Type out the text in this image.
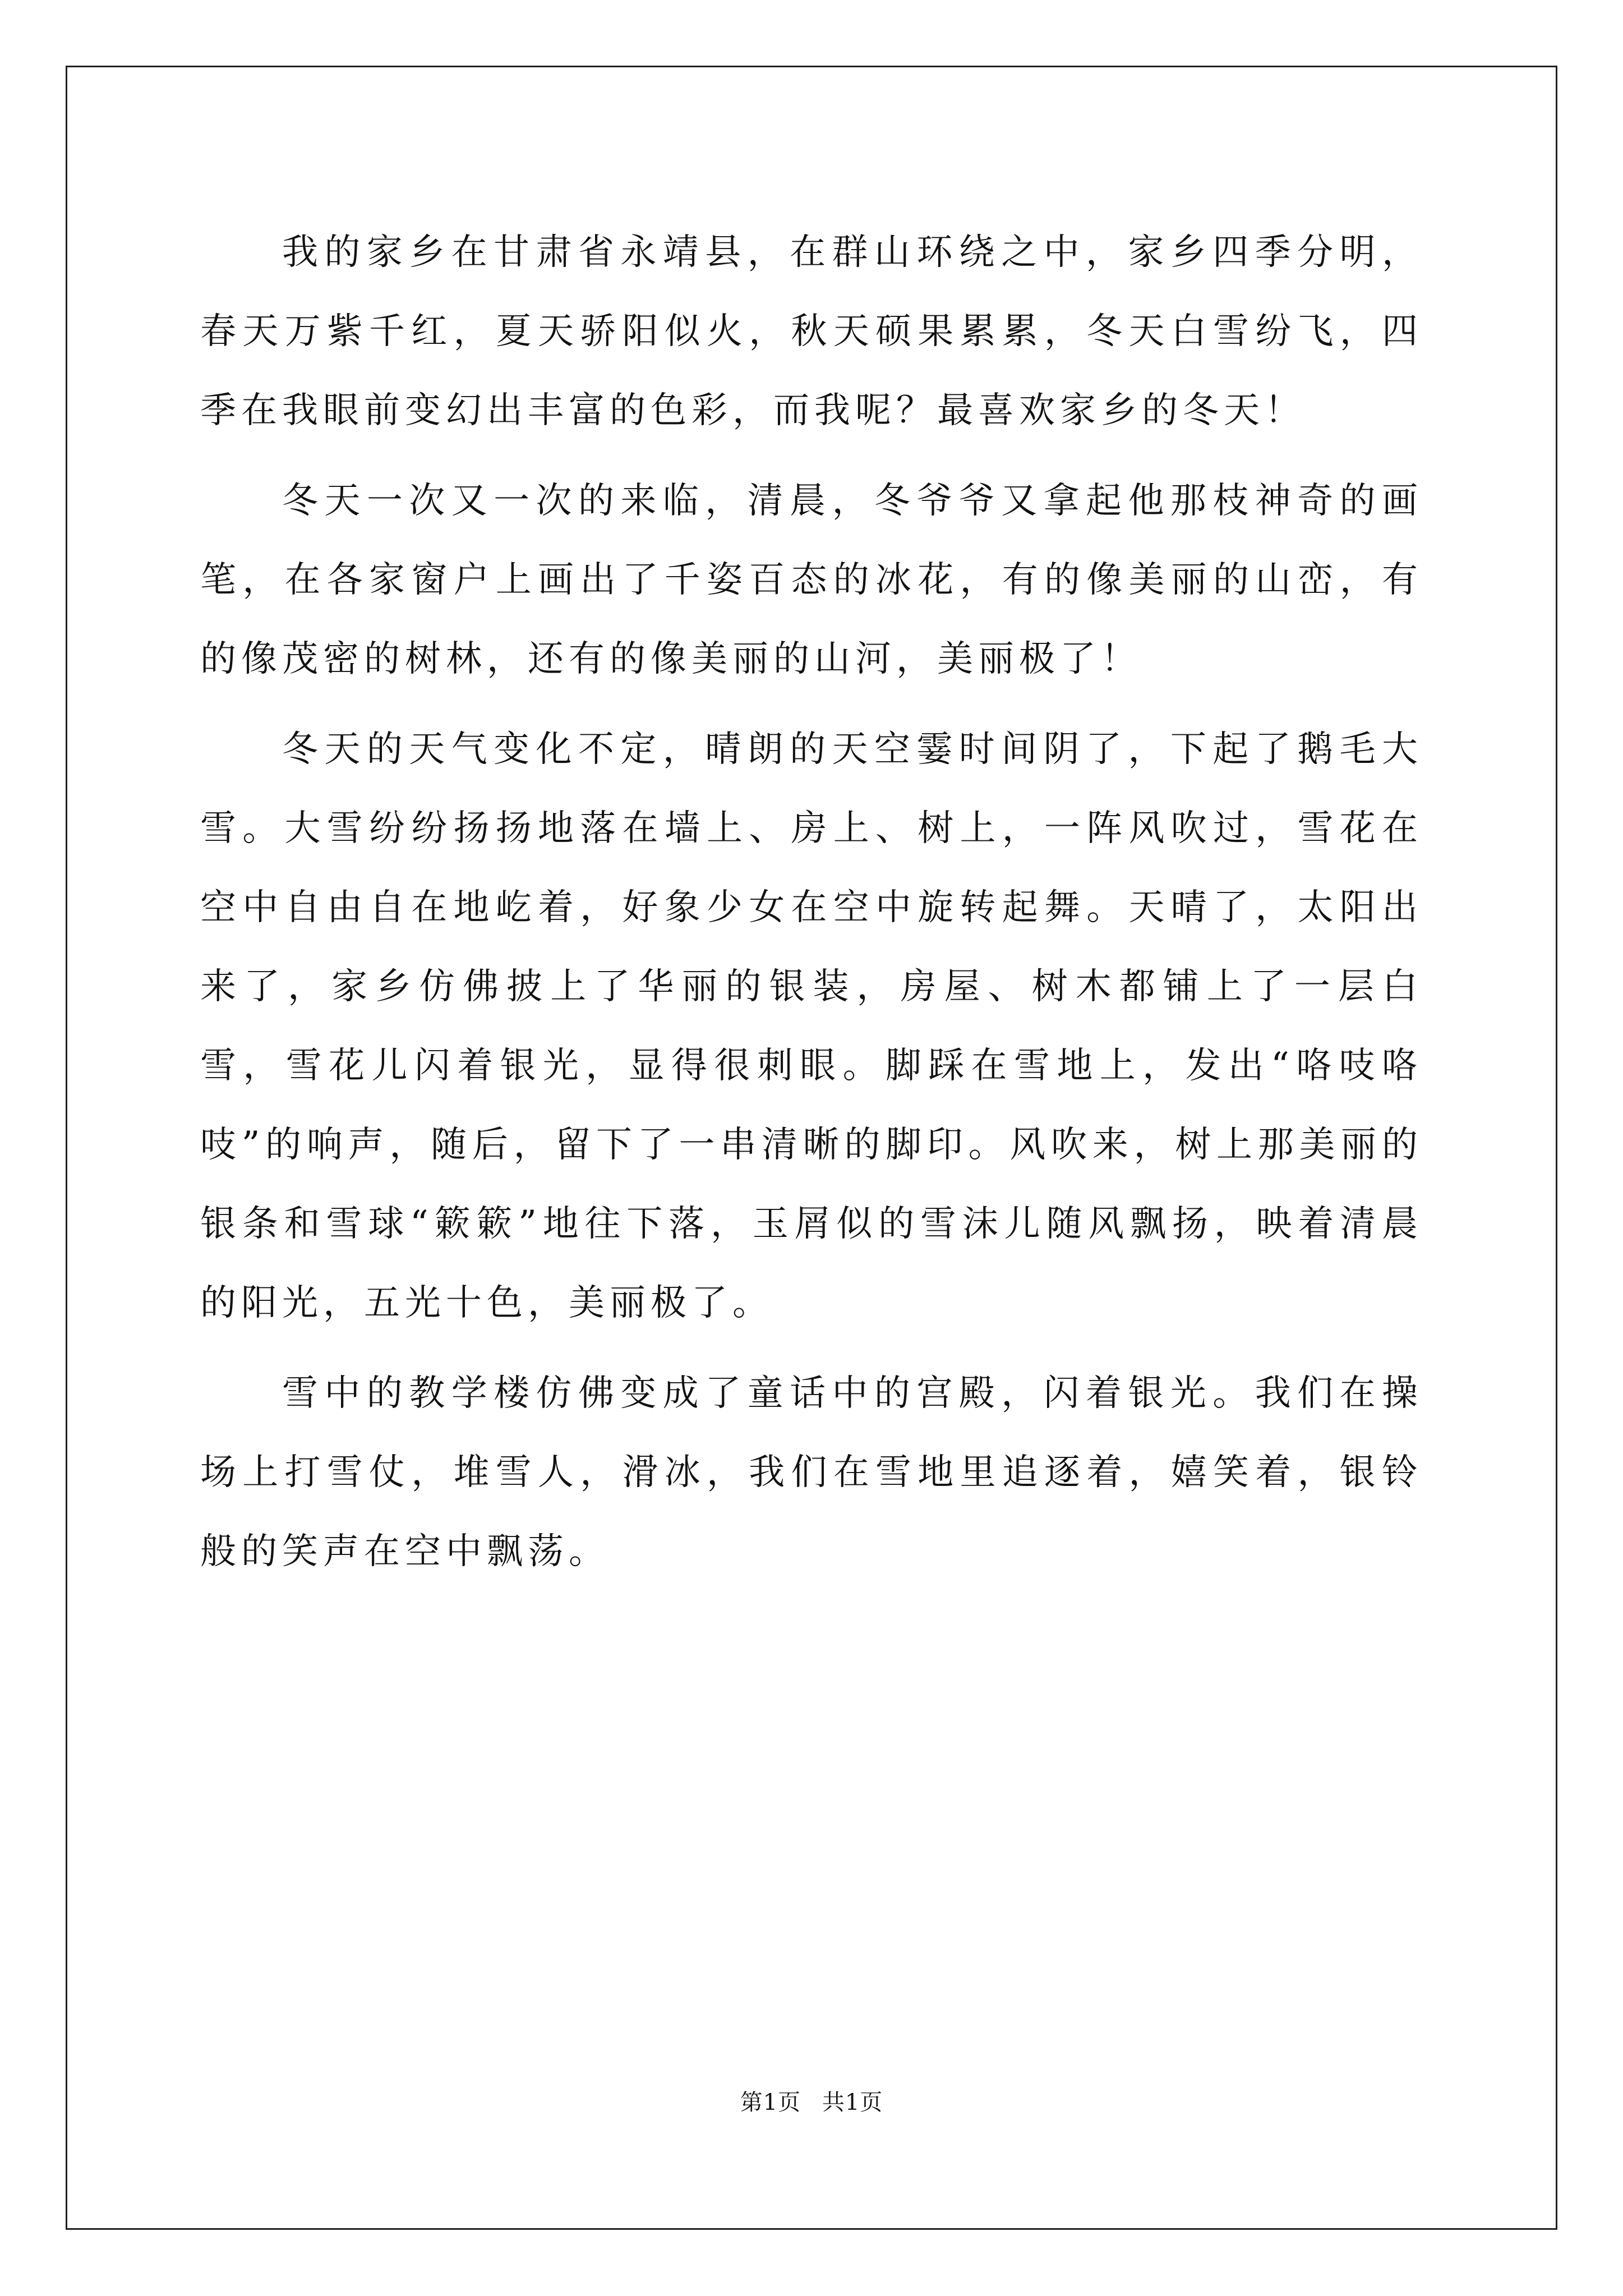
我的家乡在甘肃省永靖县，在群山环绕之中，家乡四季分明，春天万紫千红，夏天骄阳似火，秋天硕果累累，冬天白雪纷飞，四季在我眼前变幻出丰富的色彩，而我呢？最喜欢家乡的冬天！

冬天一次又一次的来临，清晨，冬爷爷又拿起他那枝神奇的画笔，在各家窗户上画出了千姿百态的冰花，有的像美丽的山峦，有的像茂密的树林，还有的像美丽的山河，美丽极了！

冬天的天气变化不定，晴朗的天空霎时间阴了，下起了鹅毛大雪。大雪纷纷扬扬地落在墙上、房上、树上，一阵风吹过，雪花在空中自由自在地屹着，好象少女在空中旋转起舞。天晴了，太阳出来了，家乡仿佛披上了华丽的银装，房屋、树木都铺上了一层白雪，雪花儿闪着银光，显得很刺眼。脚踩在雪地上，发出“咯吱咯吱”的响声，随后，留下了一串清晰的脚印。风吹来，树上那美丽的银条和雪球“簌簌”地往下落，玉屑似的雪沫儿随风飘扬，映着清晨的阳光，五光十色，美丽极了。

雪中的教学楼仿佛变成了童话中的宫殿，闪着银光。我们在操场上打雪仗，堆雪人，滑冰，我们在雪地里追逐着，嬉笑着，银铃般的笑声在空中飘荡。

第1页 共1页
